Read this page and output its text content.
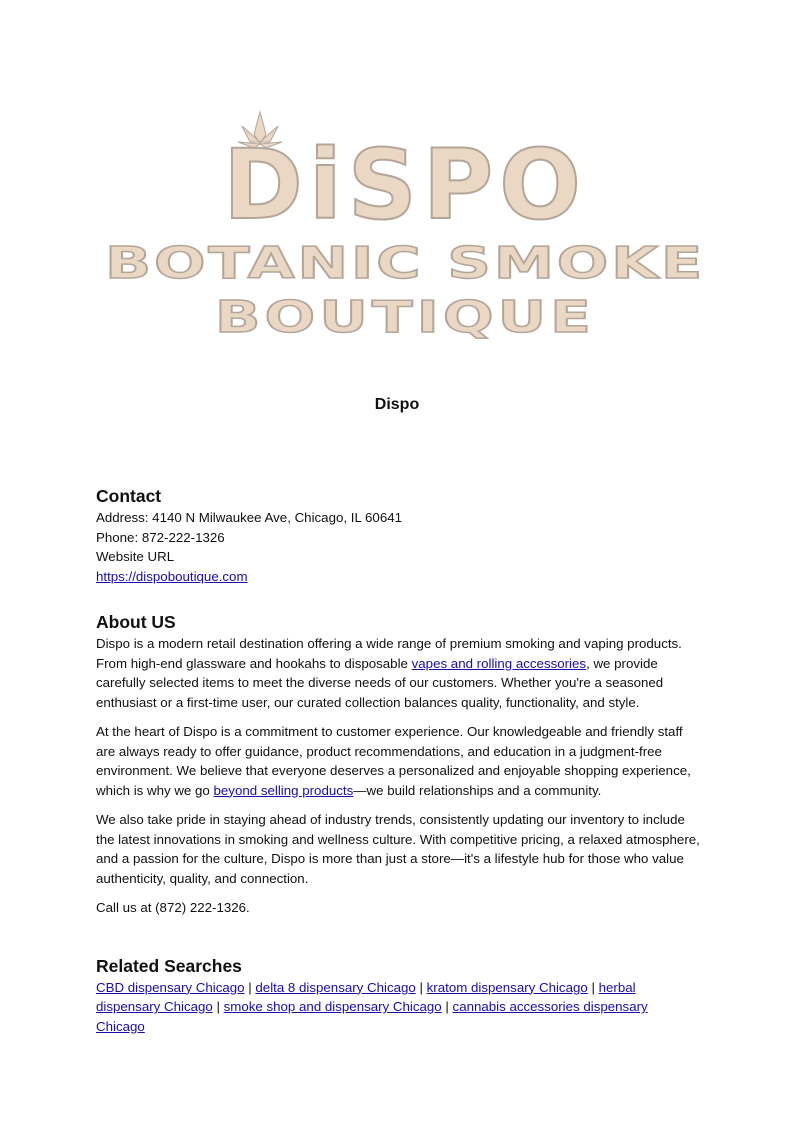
DiSPO
BOTANIC SMOKE
BOUTIQUE
Dispo
Contact
Address: 4140 N Milwaukee Ave, Chicago, IL 60641
Phone: 872-222-1326
Website URL
https://dispoboutique.com
About US

Dispo is a modern retail destination offering a wide range of premium smoking and vaping products. From high-end glassware and hookahs to disposable vapes and rolling accessories, we provide carefully selected items to meet the diverse needs of our customers. Whether you're a seasoned enthusiast or a first-time user, our curated collection balances quality, functionality, and style.

At the heart of Dispo is a commitment to customer experience. Our knowledgeable and friendly staff are always ready to offer guidance, product recommendations, and education in a judgment-free environment. We believe that everyone deserves a personalized and enjoyable shopping experience, which is why we go beyond selling products—we build relationships and a community.

We also take pride in staying ahead of industry trends, consistently updating our inventory to include the latest innovations in smoking and wellness culture. With competitive pricing, a relaxed atmosphere, and a passion for the culture, Dispo is more than just a store—it's a lifestyle hub for those who value authenticity, quality, and connection.

Call us at (872) 222-1326.

Related Searches

CBD dispensary Chicago | delta 8 dispensary Chicago | kratom dispensary Chicago | herbal dispensary Chicago | smoke shop and dispensary Chicago | cannabis accessories dispensary Chicago
